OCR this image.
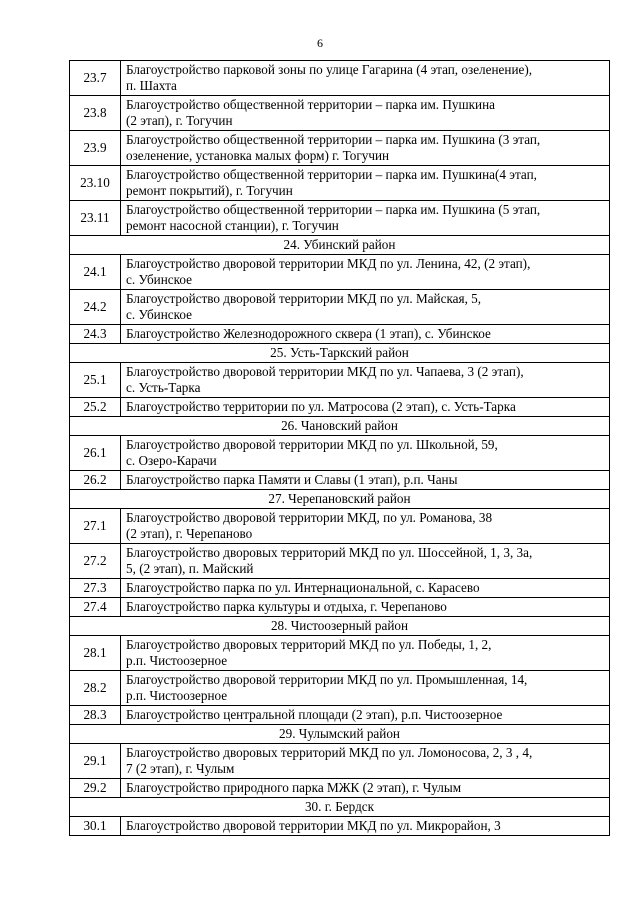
6
23.7	Благоустройство парковой зоны по улице Гагарина (4 этап, озеленение),
п. Шахта

23.8	Благоустройство общественной территории – парка им. Пушкина
(2 этап), г. Тогучин

23.9	Благоустройство общественной территории – парка им. Пушкина (3 этап,
озеленение, установка малых форм) г. Тогучин

23.10	Благоустройство общественной территории – парка им. Пушкина(4 этап,
ремонт покрытий), г. Тогучин

23.11	Благоустройство общественной территории – парка им. Пушкина (5 этап,
ремонт насосной станции), г. Тогучин

24. Убинский район	
24.1	Благоустройство дворовой территории МКД по ул. Ленина, 42, (2 этап),
с. Убинское

24.2	Благоустройство дворовой территории МКД по ул. Майская, 5,
с. Убинское

24.3	Благоустройство Железнодорожного сквера (1 этап), с. Убинское

25. Усть-Таркский район	
25.1	Благоустройство дворовой территории МКД по ул. Чапаева, 3 (2 этап),
с. Усть-Тарка

25.2	Благоустройство территории по ул. Матросова (2 этап), с. Усть-Тарка

26. Чановский район	
26.1	Благоустройство дворовой территории МКД по ул. Школьной, 59,
с. Озеро-Карачи

26.2	Благоустройство парка Памяти и Славы (1 этап), р.п. Чаны

27. Черепановский район	
27.1	Благоустройство дворовой территории МКД, по ул. Романова, 38
(2 этап), г. Черепаново

27.2	Благоустройство дворовых территорий МКД по ул. Шоссейной, 1, 3, 3а,
5, (2 этап), п. Майский

27.3	Благоустройство парка по ул. Интернациональной, с. Карасево

27.4	Благоустройство парка культуры и отдыха, г. Черепаново

28. Чистоозерный район	
28.1	Благоустройство дворовых территорий МКД по ул. Победы, 1, 2,
р.п. Чистоозерное

28.2	Благоустройство дворовой территории МКД по ул. Промышленная, 14,
р.п. Чистоозерное

28.3	Благоустройство центральной площади (2 этап), р.п. Чистоозерное

29. Чулымский район	
29.1	Благоустройство дворовых территорий МКД по ул. Ломоносова, 2, 3 , 4,
7 (2 этап), г. Чулым

29.2	Благоустройство природного парка МЖК (2 этап), г. Чулым

30. г. Бердск	
30.1	Благоустройство дворовой территории МКД по ул. Микрорайон, 3
